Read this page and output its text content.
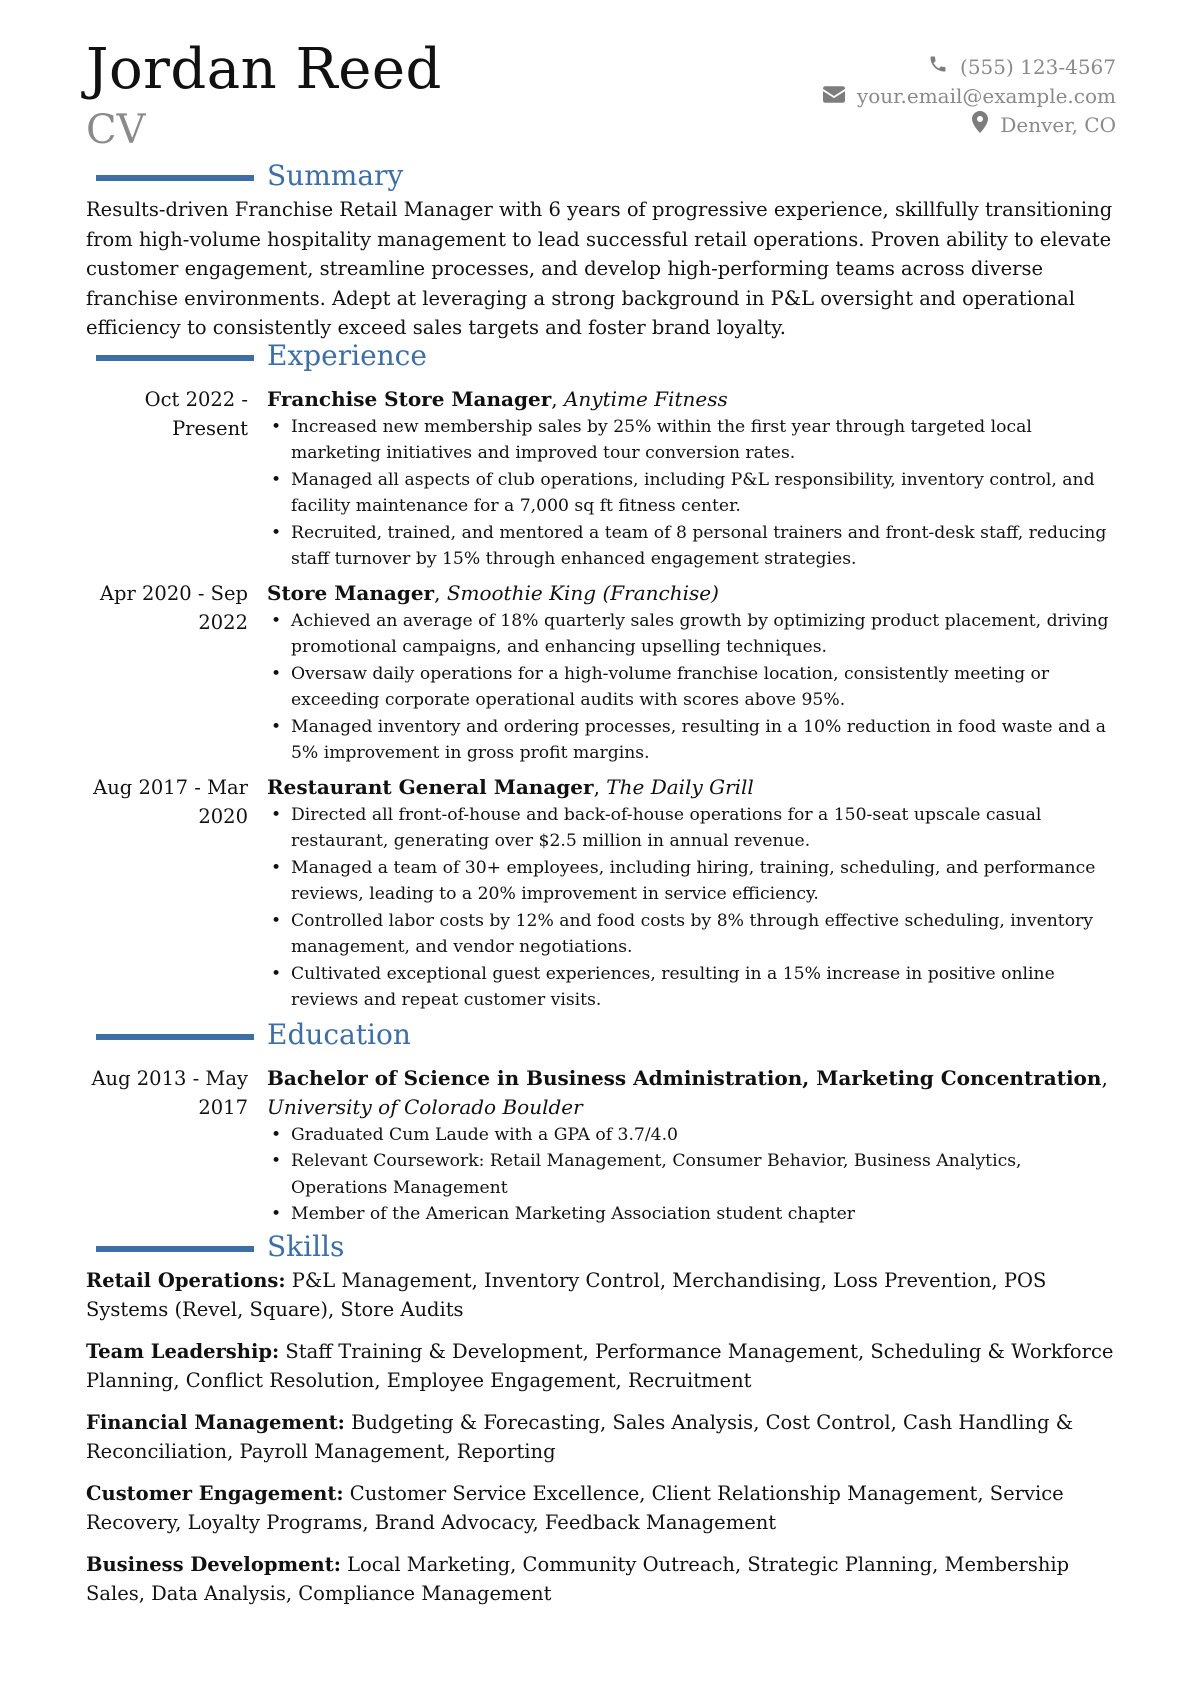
Jordan Reed
CV
(555) 123-4567
your.email@example.com
Denver, CO
Summary

Results-driven Franchise Retail Manager with 6 years of progressive experience, skillfully transitioning from high-volume hospitality management to lead successful retail operations. Proven ability to elevate customer engagement, streamline processes, and develop high-performing teams across diverse franchise environments. Adept at leveraging a strong background in P&L oversight and operational efficiency to consistently exceed sales targets and foster brand loyalty.

Experience
Oct 2022 - Present
Franchise Store Manager, Anytime Fitness
• Increased new membership sales by 25% within the first year through targeted local marketing initiatives and improved tour conversion rates.
• Managed all aspects of club operations, including P&L responsibility, inventory control, and facility maintenance for a 7,000 sq ft fitness center.
• Recruited, trained, and mentored a team of 8 personal trainers and front-desk staff, reducing staff turnover by 15% through enhanced engagement strategies.
Apr 2020 - Sep 2022
Store Manager, Smoothie King (Franchise)
• Achieved an average of 18% quarterly sales growth by optimizing product placement, driving promotional campaigns, and enhancing upselling techniques.
• Oversaw daily operations for a high-volume franchise location, consistently meeting or exceeding corporate operational audits with scores above 95%.
• Managed inventory and ordering processes, resulting in a 10% reduction in food waste and a 5% improvement in gross profit margins.
Aug 2017 - Mar 2020
Restaurant General Manager, The Daily Grill
• Directed all front-of-house and back-of-house operations for a 150-seat upscale casual restaurant, generating over $2.5 million in annual revenue.
• Managed a team of 30+ employees, including hiring, training, scheduling, and performance reviews, leading to a 20% improvement in service efficiency.
• Controlled labor costs by 12% and food costs by 8% through effective scheduling, inventory management, and vendor negotiations.
• Cultivated exceptional guest experiences, resulting in a 15% increase in positive online reviews and repeat customer visits.
Education
Aug 2013 - May 2017
Bachelor of Science in Business Administration, Marketing Concentration,
University of Colorado Boulder
• Graduated Cum Laude with a GPA of 3.7/4.0
• Relevant Coursework: Retail Management, Consumer Behavior, Business Analytics, Operations Management
• Member of the American Marketing Association student chapter
Skills

Retail Operations: P&L Management, Inventory Control, Merchandising, Loss Prevention, POS Systems (Revel, Square), Store Audits

Team Leadership: Staff Training & Development, Performance Management, Scheduling & Workforce Planning, Conflict Resolution, Employee Engagement, Recruitment

Financial Management: Budgeting & Forecasting, Sales Analysis, Cost Control, Cash Handling & Reconciliation, Payroll Management, Reporting

Customer Engagement: Customer Service Excellence, Client Relationship Management, Service Recovery, Loyalty Programs, Brand Advocacy, Feedback Management

Business Development: Local Marketing, Community Outreach, Strategic Planning, Membership Sales, Data Analysis, Compliance Management
